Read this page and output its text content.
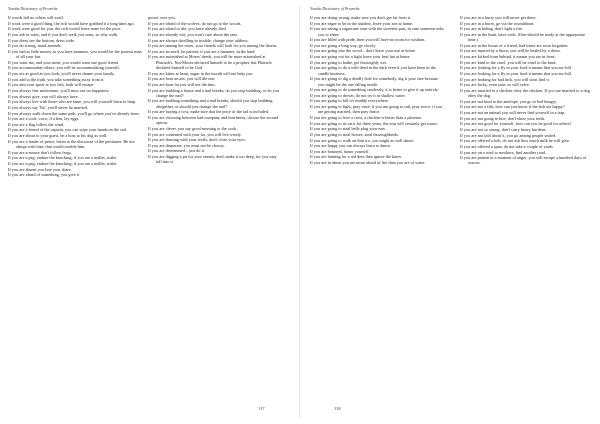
Yoruba Dictionary of Proverbs

If words fall no others will avail.

If work were a good thing, the rich would have grabbed it a long time ago.

If work were good for you, the rich would leave none for the poor.

If you ask in want, and if you don't walk you want, so why walk.

If you dress see the bottom, dress wide.

If you do wrong, mask amends.

If you had as little money as you have manners, you would be the poorest man of all your kin.

If you want me, and your meat, you would want one good friend.

If you accommodate others, you will be accommodating yourself.

If you act as good as you look, you'll never shame your family.

If you add to the truth, you take something away from it.

If you aim your spear at two fish, both will escape.

If you always fear misfortune, you'll miss out on happiness.

If you always give, you will always have.

If you always live with those who are lame, you will yourself learn to limp.

If you always say 'No', you'll never be married.

If you always walk down the same path, you'll go where you've already been.

If you are a cock, crow; if a hen, lay eggs.

If you are a flag follow the wind.

If you are a friend of the captain, you can wipe your hands on the sail.

If you are about to your guest, be a host to his dog as well.

If you are a leader of peace, listen to the discourse of the petitioner. Be not abrupt with him; that would trouble him.

If you are a mouse don't follow frogs.

If you are a peg, endure the knocking; if you are a mallet, strike.

If you are a peg, endure the knocking; if you are a mallet, strike.

If you are absent you lose your share.

If you are afraid of something, you give it

power over you.

If you are afraid of the wolves, do not go to the woods.

If you are afraid to die, you have already died.

If you are already wet, you won't care about the rain.

If you are always dwelling in trouble, change your address.

If you are among the roses, your friends will look for you among the thorns.

If you are an anvil, be patient; if you are a hammer, strike hard.

If you are astonished at Moses' deeds, you will be more astonished at Pharaoh's. Not-Moses declared himself to be a prophet, but Pharaoh declared himself to be God.

If you are bitter at heart, sugar in the mouth will not help you.

If you are born an ass, you will die one.

If you are born fat you will not die thin.

If you are building a house and a nail breaks, do you stop building, or do you change the nail?

If you are building something and a nail breaks, should you stop building altogether, or should you change the nail?

If you are buying a cow, make sure that the price of the tail is included.

If you are choosing between bad company and loneliness, choose the second option.

If you are clever, you say good morning to the cook.

If you are contented with your lot, you will live wisely.

If you are dancing with your rivals, don't close your eyes.

If you are desperate, you must not be choosy.

If you are determined – just do it.

If you are digging a pit for your enemy, don't make it too deep, for you may fall into it.

117
Yoruba Dictionary of Proverbs

If you are doing wrong, make sure you don't get fat from it.

If you are eager to be in the shadow, leave your axe at home.

If you are eating a sugarcane start with the sweetest part, in case someone asks you to share.

If you are filled with pride, then you will have no room for wisdom.

If you are going a long way, go slowly.

If you are going into the wood – don't leave your axe at home.

If you are going out for a fight leave your best hat at home.

If you are going to bathe, get thoroughly wet.

If you are going to do a wild deed in the dark even if you have been in the candle business.

If you are going to dig a deadly hole for somebody, dig it your size because you might be the one falling inside.

If you are going to do something carelessly, it is better to give it up entirely.

If you are going to drown, do not try it in shallow water.

If you are going to fall it's muddy everywhere.

If you are going to fight, pray once; if you are going to sail, pray twice; if you are getting married, then pray thrice.

If you are going to love a crest, a chicken is better than a phoenix.

If you are going to sit on it for three years, the seat will certainly get warm.

If you are going to steal bells plug your ears.

If you are going to steal horses, steal thoroughbreds.

If you are going to walk on thin ice, you might as well dance.

If you are happy you can always learn to dance.

If you are honored, honor yourself.

If you are hunting for a red deer then ignore the hares.

If you are in about you are more afraid of fire than you are of water.

If you are in a hurry you will never get there.

If you are in a hurry, go via the roundabout.

If you are in hiding, don't light a fire.

If you are in the bush, have tools. (One should be ready at the appropriate time.)

If you are in the house of a friend, bad times are soon forgotten.

If you are injured by a thorn, you will be healed by a thorn.

If you are kicked from behind, it means you are in front.

If you are kind to the cruel, you will be cruel to the kind.

If you are looking for a fly in your food it means that you are full.

If you are looking for a fly in your food it means that you are full.

If you are looking for bad luck, you will soon find it.

If you are lucky, even your ox will calve.

If you are married to a chicken obey the chicken. If you are married to a dog obey the dog.

If you are not kind to the antelope, you go to bed hungry.

If you are not a fish, how can you know if the fish are happy?

If you are not an animal you will never find yourself in a trap.

If you are not going to bite, don't show your teeth.

If you are not good for yourself, how can you be good for others?

If you are not so strong, don't carry heavy burdens.

If you are not told about it, you go among people sealed.

If you are offered a bolt, do not ask how much milk he will give.

If you are offered a span, do not take a couple of yards.

If you are on a road to nowhere, find another road.

If you are patient in a moment of anger, you will escape a hundred days of sorrow.

118
